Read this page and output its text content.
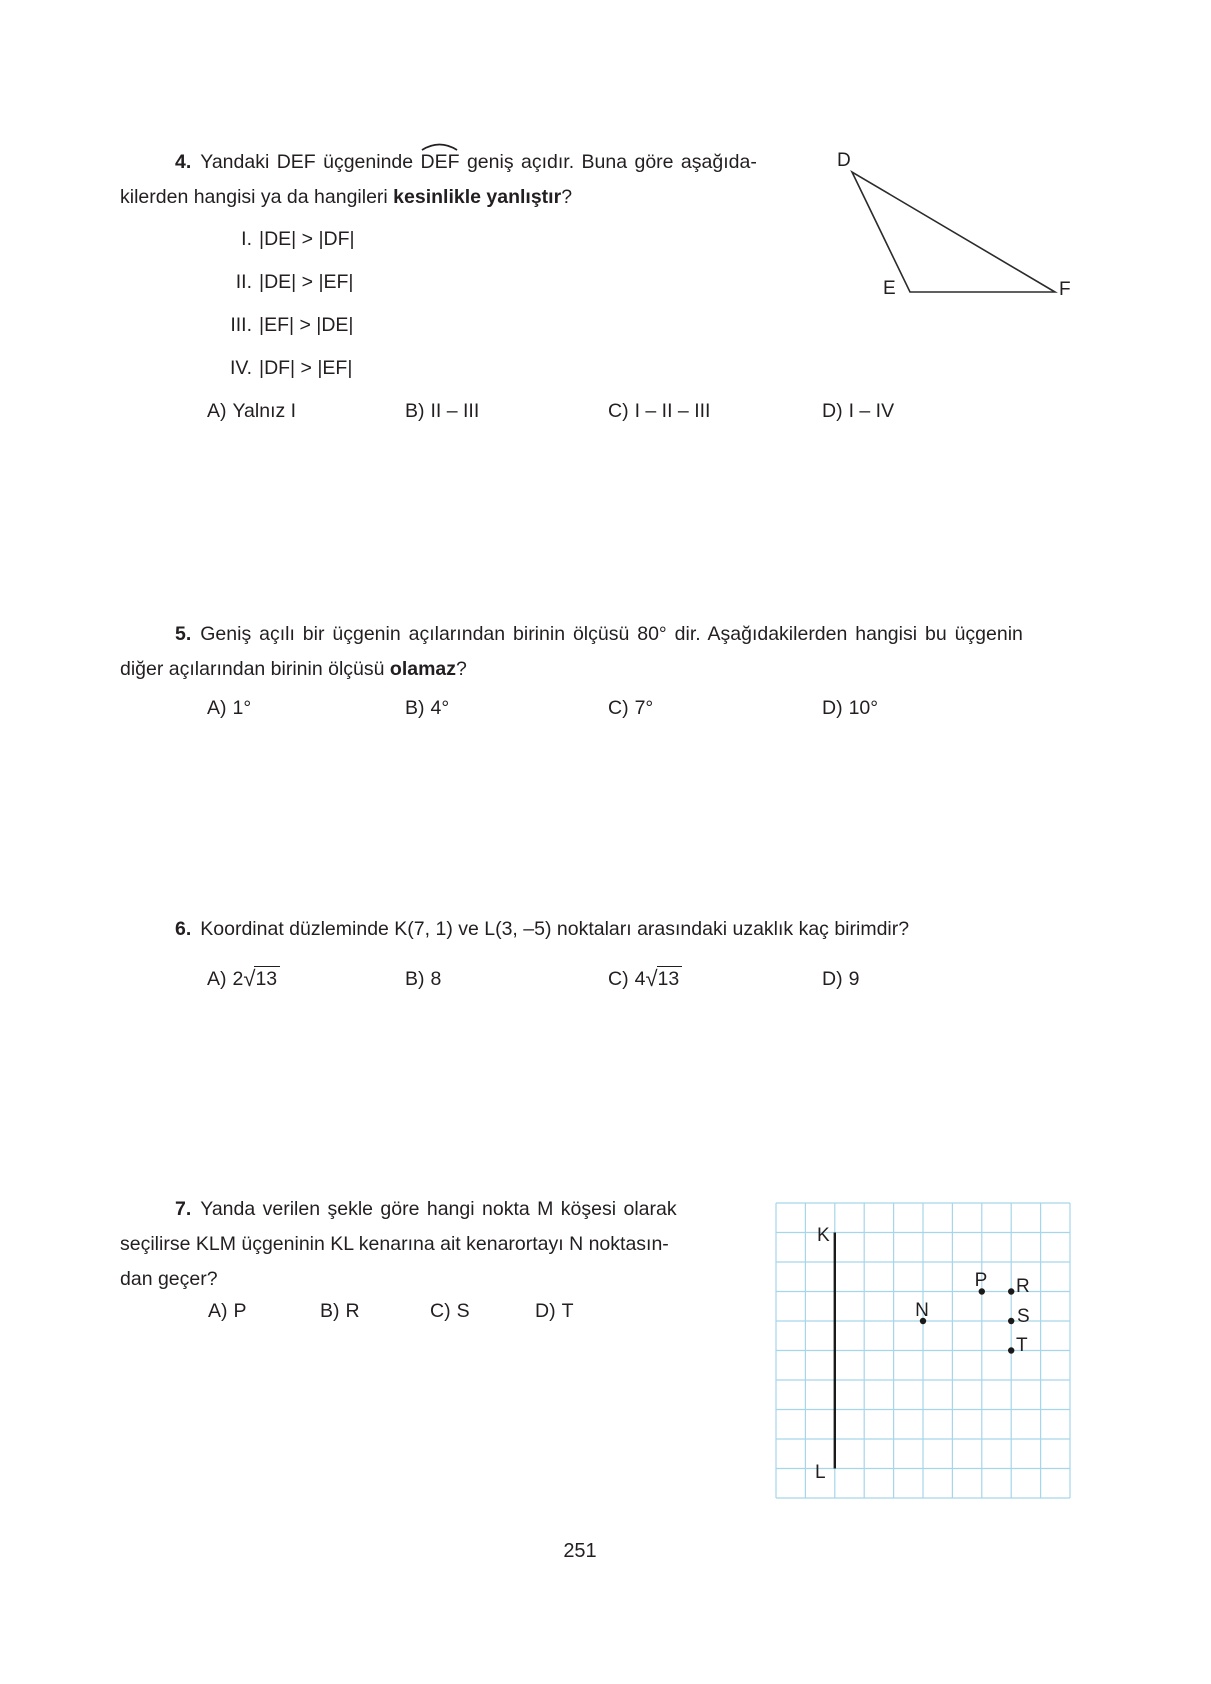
4. Yandaki DEF üçgeninde
DEF geniş açıdır. Buna göre aşağıda-
kilerden hangisi ya da hangileri kesinlikle yanlıştır?
I. |DE| > |DF|
II. |DE| > |EF|
III. |EF| > |DE|
IV. |DF| > |EF|
A) Yalnız I	B) II – III	C) I – II – III	D) I – IV
D
E	F
5. Geniş açılı bir üçgenin açılarından birinin ölçüsü 80° dir. Aşağıdakilerden hangisi bu üçgenin
diğer açılarından birinin ölçüsü olamaz?
A) 1°	B) 4°	C) 7°	D) 10°
6. Koordinat düzleminde K(7, 1) ve L(3, –5) noktaları arasındaki uzaklık kaç birimdir?
A) 2√13	B) 8	C) 4√13	D) 9
7. Yanda verilen şekle göre hangi nokta M köşesi olarak
seçilirse KLM üçgeninin KL kenarına ait kenarortayı N noktasın-
dan geçer?
A) P	B) R	C) S	D) T
K
L
N
P R
S
T
251
